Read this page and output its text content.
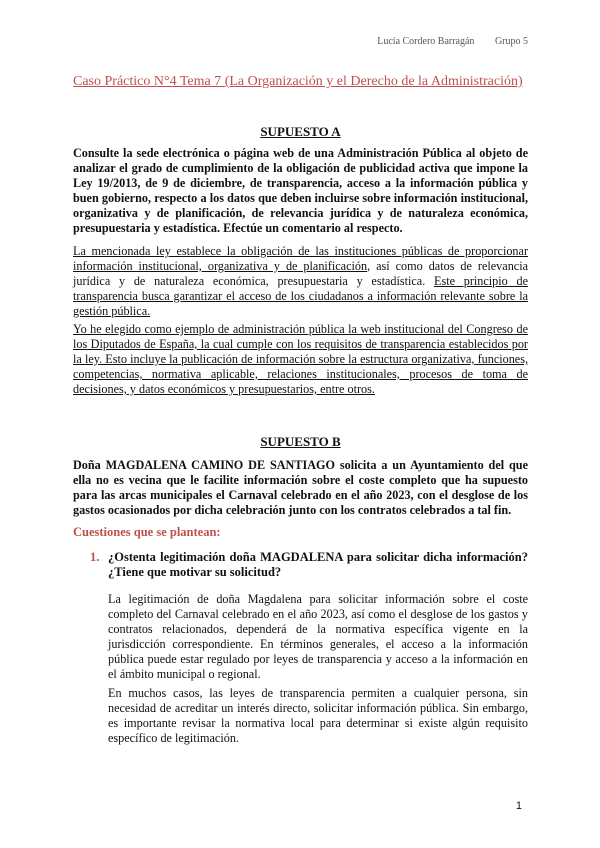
Lucía Cordero Barragán Grupo 5
Caso Práctico N°4 Tema 7 (La Organización y el Derecho de la Administración)
SUPUESTO A
Consulte la sede electrónica o página web de una Administración Pública al objeto de analizar el grado de cumplimiento de la obligación de publicidad activa que impone la Ley 19/2013, de 9 de diciembre, de transparencia, acceso a la información pública y buen gobierno, respecto a los datos que deben incluirse sobre información institucional, organizativa y de planificación, de relevancia jurídica y de naturaleza económica, presupuestaria y estadística. Efectúe un comentario al respecto.
La mencionada ley establece la obligación de las instituciones públicas de proporcionar información institucional, organizativa y de planificación, así como datos de relevancia jurídica y de naturaleza económica, presupuestaria y estadística. Este principio de transparencia busca garantizar el acceso de los ciudadanos a información relevante sobre la gestión pública.
Yo he elegido como ejemplo de administración pública la web institucional del Congreso de los Diputados de España, la cual cumple con los requisitos de transparencia establecidos por la ley. Esto incluye la publicación de información sobre la estructura organizativa, funciones, competencias, normativa aplicable, relaciones institucionales, procesos de toma de decisiones, y datos económicos y presupuestarios, entre otros.
SUPUESTO B
Doña MAGDALENA CAMINO DE SANTIAGO solicita a un Ayuntamiento del que ella no es vecina que le facilite información sobre el coste completo que ha supuesto para las arcas municipales el Carnaval celebrado en el año 2023, con el desglose de los gastos ocasionados por dicha celebración junto con los contratos celebrados a tal fin.
Cuestiones que se plantean:
1. ¿Ostenta legitimación doña MAGDALENA para solicitar dicha información? ¿Tiene que motivar su solicitud?
La legitimación de doña Magdalena para solicitar información sobre el coste completo del Carnaval celebrado en el año 2023, así como el desglose de los gastos y contratos relacionados, dependerá de la normativa específica vigente en la jurisdicción correspondiente. En términos generales, el acceso a la información pública puede estar regulado por leyes de transparencia y acceso a la información en el ámbito municipal o regional.
En muchos casos, las leyes de transparencia permiten a cualquier persona, sin necesidad de acreditar un interés directo, solicitar información pública. Sin embargo, es importante revisar la normativa local para determinar si existe algún requisito específico de legitimación.
1
